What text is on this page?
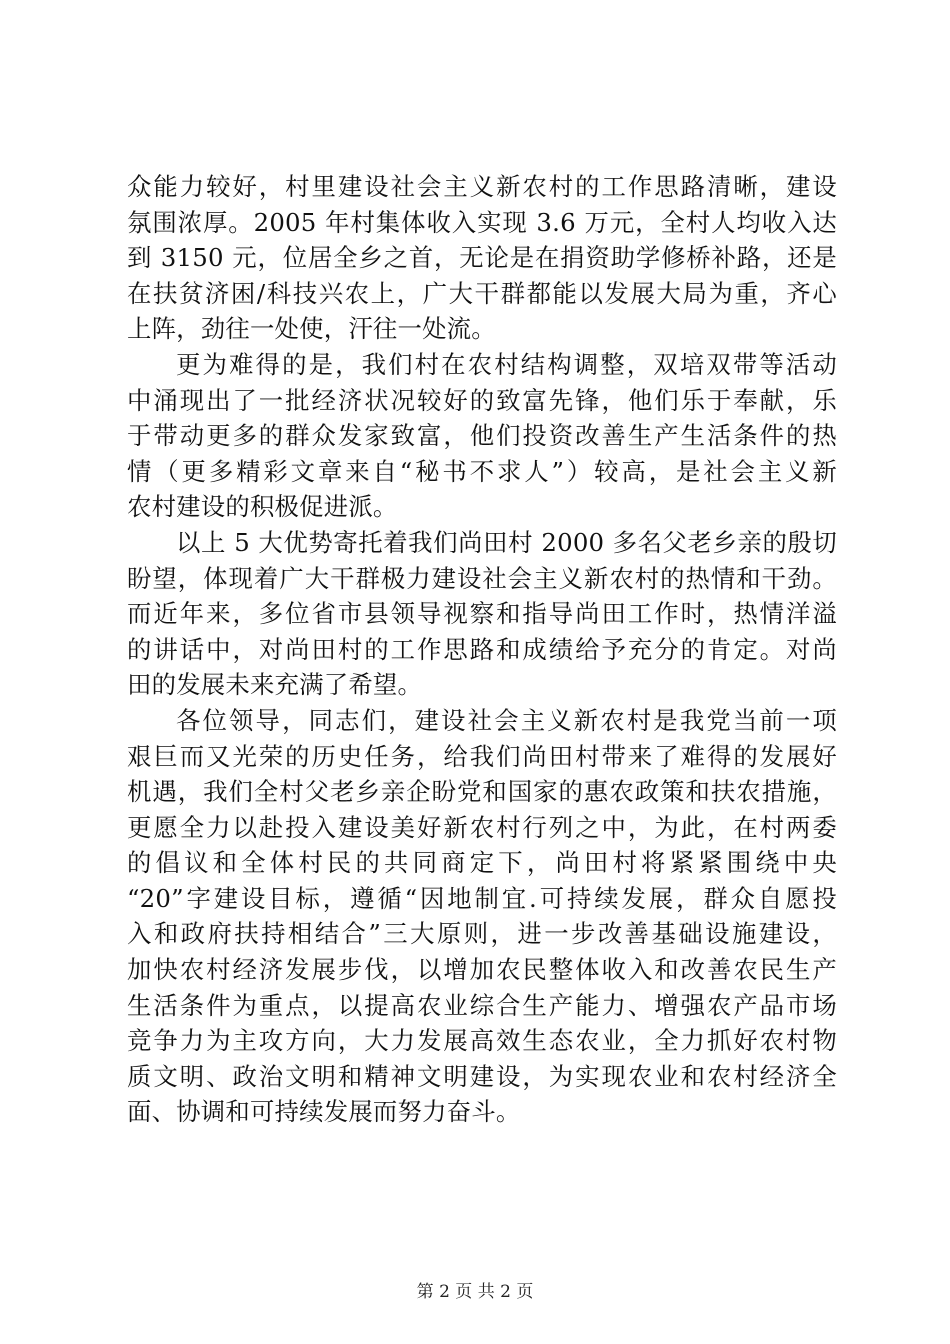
众能力较好，村里建设社会主义新农村的工作思路清晰，建设
氛围浓厚。2005 年村集体收入实现 3.6 万元，全村人均收入达
到 3150 元，位居全乡之首，无论是在捐资助学修桥补路，还是
在扶贫济困/科技兴农上，广大干群都能以发展大局为重，齐心
上阵，劲往一处使，汗往一处流。
更为难得的是，我们村在农村结构调整，双培双带等活动
中涌现出了一批经济状况较好的致富先锋，他们乐于奉献，乐
于带动更多的群众发家致富，他们投资改善生产生活条件的热
情（更多精彩文章来自“秘书不求人”）较高，是社会主义新
农村建设的积极促进派。
以上 5 大优势寄托着我们尚田村 2000 多名父老乡亲的殷切
盼望，体现着广大干群极力建设社会主义新农村的热情和干劲。
而近年来，多位省市县领导视察和指导尚田工作时，热情洋溢
的讲话中，对尚田村的工作思路和成绩给予充分的肯定。对尚
田的发展未来充满了希望。
各位领导，同志们，建设社会主义新农村是我党当前一项
艰巨而又光荣的历史任务，给我们尚田村带来了难得的发展好
机遇，我们全村父老乡亲企盼党和国家的惠农政策和扶农措施，
更愿全力以赴投入建设美好新农村行列之中，为此，在村两委
的倡议和全体村民的共同商定下，尚田村将紧紧围绕中央
“20”字建设目标，遵循“因地制宜.可持续发展，群众自愿投
入和政府扶持相结合”三大原则，进一步改善基础设施建设，
加快农村经济发展步伐，以增加农民整体收入和改善农民生产
生活条件为重点，以提高农业综合生产能力、增强农产品市场
竞争力为主攻方向，大力发展高效生态农业，全力抓好农村物
质文明、政治文明和精神文明建设，为实现农业和农村经济全
面、协调和可持续发展而努力奋斗。
第 2 页 共 2 页
